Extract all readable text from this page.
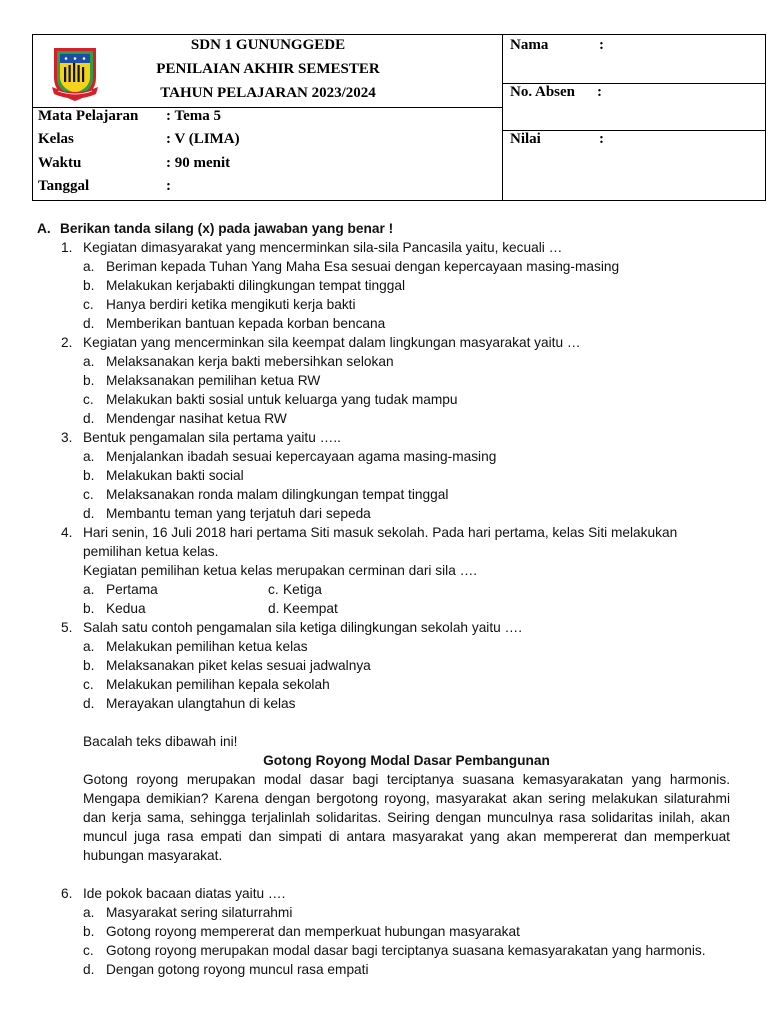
SDN 1 GUNUNGGEDE
PENILAIAN AKHIR SEMESTER
TAHUN PELAJARAN 2023/2024
Mata Pelajaran : Tema 5
Kelas	: V (LIMA)
Waktu	: 90 menit
Tanggal	:
Nama	:
No. Absen :
Nilai	:
A. Berikan tanda silang (x) pada jawaban yang benar !
1. Kegiatan dimasyarakat yang mencerminkan sila-sila Pancasila yaitu, kecuali …
a. Beriman kepada Tuhan Yang Maha Esa sesuai dengan kepercayaan masing-masing
b. Melakukan kerjabakti dilingkungan tempat tinggal
c. Hanya berdiri ketika mengikuti kerja bakti
d. Memberikan bantuan kepada korban bencana
2. Kegiatan yang mencerminkan sila keempat dalam lingkungan masyarakat yaitu …
a. Melaksanakan kerja bakti mebersihkan selokan
b. Melaksanakan pemilihan ketua RW
c. Melakukan bakti sosial untuk keluarga yang tudak mampu
d. Mendengar nasihat ketua RW
3. Bentuk pengamalan sila pertama yaitu …..
a. Menjalankan ibadah sesuai kepercayaan agama masing-masing
b. Melakukan bakti social
c. Melaksanakan ronda malam dilingkungan tempat tinggal
d. Membantu teman yang terjatuh dari sepeda
4. Hari senin, 16 Juli 2018 hari pertama Siti masuk sekolah. Pada hari pertama, kelas Siti melakukan
pemilihan ketua kelas.
Kegiatan pemilihan ketua kelas merupakan cerminan dari sila ….
a. Pertama	c. Ketiga
b. Kedua	d. Keempat
5. Salah satu contoh pengamalan sila ketiga dilingkungan sekolah yaitu ….
a. Melakukan pemilihan ketua kelas
b. Melaksanakan piket kelas sesuai jadwalnya
c. Melakukan pemilihan kepala sekolah
d. Merayakan ulangtahun di kelas
Bacalah teks dibawah ini!
Gotong Royong Modal Dasar Pembangunan
Gotong royong merupakan modal dasar bagi terciptanya suasana kemasyarakatan yang harmonis.
Mengapa demikian? Karena dengan bergotong royong, masyarakat akan sering melakukan silaturahmi
dan kerja sama, sehingga terjalinlah solidaritas. Seiring dengan munculnya rasa solidaritas inilah, akan
muncul juga rasa empati dan simpati di antara masyarakat yang akan mempererat dan memperkuat
hubungan masyarakat.
6. Ide pokok bacaan diatas yaitu ….
a. Masyarakat sering silaturrahmi
b. Gotong royong mempererat dan memperkuat hubungan masyarakat
c. Gotong royong merupakan modal dasar bagi terciptanya suasana kemasyarakatan yang harmonis.
d. Dengan gotong royong muncul rasa empati
